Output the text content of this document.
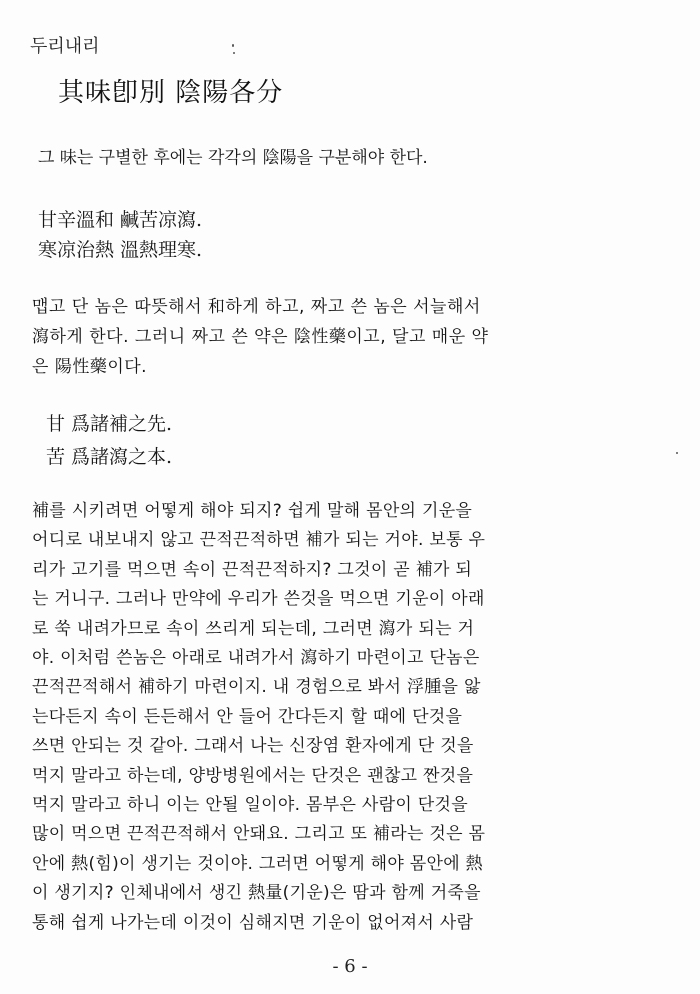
두리내리
其味卽別 陰陽各分
그 味는 구별한 후에는 각각의 陰陽을 구분해야 한다.
甘辛溫和 鹹苦凉瀉.
寒凉治熱 溫熱理寒.
맵고 단 놈은 따뜻해서 和하게 하고, 짜고 쓴 놈은 서늘해서
瀉하게 한다. 그러니 짜고 쓴 약은 陰性藥이고, 달고 매운 약
은 陽性藥이다.
甘 爲諸補之先.
苦 爲諸瀉之本.
補를 시키려면 어떻게 해야 되지? 쉽게 말해 몸안의 기운을
어디로 내보내지 않고 끈적끈적하면 補가 되는 거야. 보통 우
리가 고기를 먹으면 속이 끈적끈적하지? 그것이 곧 補가 되
는 거니구. 그러나 만약에 우리가 쓴것을 먹으면 기운이 아래
로 쑥 내려가므로 속이 쓰리게 되는데, 그러면 瀉가 되는 거
야. 이처럼 쓴놈은 아래로 내려가서 瀉하기 마련이고 단놈은
끈적끈적해서 補하기 마련이지. 내 경험으로 봐서 浮腫을 앓
는다든지 속이 든든해서 안 들어 간다든지 할 때에 단것을
쓰면 안되는 것 같아. 그래서 나는 신장염 환자에게 단 것을
먹지 말라고 하는데, 양방병원에서는 단것은 괜찮고 짠것을
먹지 말라고 하니 이는 안될 일이야. 몸부은 사람이 단것을
많이 먹으면 끈적끈적해서 안돼요. 그리고 또 補라는 것은 몸
안에 熱(힘)이 생기는 것이야. 그러면 어떻게 해야 몸안에 熱
이 생기지? 인체내에서 생긴 熱量(기운)은 땀과 함께 거죽을
통해 쉽게 나가는데 이것이 심해지면 기운이 없어져서 사람
- 6 -
